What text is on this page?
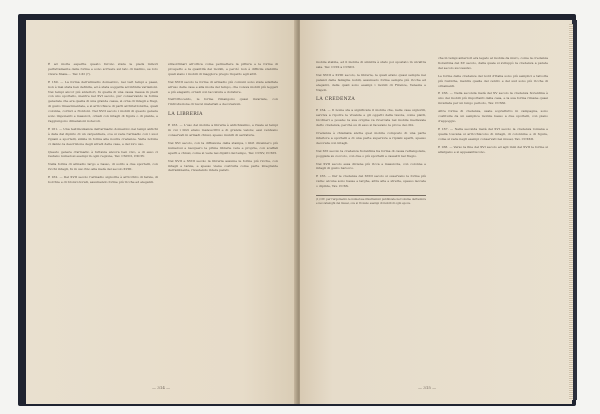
È ad molte esperite questo furono stare le pieds minori perfettamente delle forme e sono scrivere sul lato di marmo, se loro vivere finale.... Tav. LXI (?).

E 160. — La forma dell'armadio domestico, nei vari tempi e paesi, non è mai stata ben definita, ed è stata soggetta ad infinite variazioni. Nei tempi ancor più anteriori, fu quella di una cassa messa in piedi con uno sportello, mentre nel XVI secolo, pur conservando la forma generale che era quella di una grande cassa, si orna di intagli e fregi, di gusto rinascimentale, e si arricchisce di parti architettoniche, quali colonne, cornici e frontoni. Nel XVII secolo i mobili di questo genere sono imponenti e massicci, ornati con intagli di figure o di piante, e raggiungono dimensioni notevoli.

E 161. — Una testimonianza dell'armadio domestico nei tempi antichi è data dal dipinto di un carpentiere, ove si vede l'armadio con i suoi ripiani e sportelli, simile in forma alle nostre credenze. Varie notizie ci danno la descrizione degli arredi delle case, e del loro uso.

Questo genere d'armadio è tuttavia ancora ben vivo, e di esso ci restano numerosi esempi in ogni regione, Tav. CXCIII, CXCIV.

Nella forma di armadio largo e basso, di solito a due sportelli, con ricchi intagli, fu in uso fino alla metà del secolo XVIII.

E 162. — Del XVII secolo l'armadio signorile è arricchito di tarsie, di borchie e di bronzi dorati, assumendo forme più ricche ed eleganti.

straordinari all'ottica come permettere la pittura e le forme di prospetto e la quantità dei mobili, e perciò non è difficile stabilire quali siano i mobili di maggiore pregio rispetto agli altri.

Nel XVIII secolo le forme di armadio più comuni sono state adattate all'uso delle case e alla moda del tempo, che voleva mobili più leggeri e più eleganti, ornati con laccature e dorature.

Nell'Ottocento, le forme rimangono quasi invariate, con l'introduzione di nuovi materiali e decorazioni.

LA LIBRERIA

E 163. — L'uso del mobile a libreria è antichissimo, e risale ai tempi in cui i libri erano manoscritti e di grande valore; essi venivano conservati in armadi chiusi, spesso muniti di serratura.

Nel XVI secolo, con la diffusione della stampa, i libri divennero più numerosi e nacquero le prime librerie vere e proprie, con scaffali aperti e chiusi, come si vede nei dipinti del tempo, Tav. CCXV, CCXVI.

Nel XVII e XVIII secolo la libreria assume le forme più ricche, con intagli e tarsie, e spesso viene costruita come parte integrante dell'ambiente, rivestendo intere pareti.

— 314 —

mobile stabile, ed il mobile di sinistra è stato poi spostato in un'altra sala. Tav. CCIX a CCXIII.

Nel XVIII e XVIII secolo, le librerie, le quali erano quasi sempre nei palazzi delle famiglie nobili, assunsero forme sempre più ricche ed eleganti, delle quali sono esempi i mobili di Firenze, Venezia e Napoli.

LA CREDENZA

E 164. — Il nome sta a significare il mobile che, nelle case signorili, serviva a riporre le vivande e gli oggetti della tavola, come piatti, bicchieri e posate; la sua origine va ricercata nel mobile medievale detto credenza, perché su di esso si facevano le prove dei cibi.

Credenza è chiamata anche quel mobile composto di una parte inferiore a sportelli e di una parte superiore a ripiani aperti, spesso decorata con intagli.

Nel XVI secolo la credenza fiorentina ha forma di cassa rettangolare, poggiata su zoccolo, con due o più sportelli e cassetti nel fregio.

Nel XVII secolo essa diviene più ricca e massiccia, con colonne e intagli di gusto barocco.

E 165. — Per le credenze del XVIII secolo si osservano le forme più varie: alcune sono basse e larghe, altre alte e strette, spesso laccate o dipinte, Tav. CCXX.

(1) Cfr. per l'argomento le numerose illustrazioni pubblicate nel volume dell'autore e nei cataloghi dei musei, ove si trovano esempi di mobili di ogni epoca.

che in tempi anteriori era legato al mobile da muro, come la credenza fiorentina del XV secolo, dalla quale si sviluppò la credenza a parete del secolo successivo.

Le forme delle credenze del nord d'Italia sono più semplici e talvolta più rustiche, mentre quelle del centro e del sud sono più ricche di ornamenti.

E 166. — Nella seconda metà del XV secolo la credenza fiorentina è uno dei mobili più importanti della casa, e la sua forma rimane quasi invariata per un lungo periodo, Tav. CCXXI.

Altre forme di credenza, usate soprattutto in campagna, sono costituite da un semplice mobile basso a due sportelli, con piano d'appoggio.

E 167. — Nella seconda metà del XVI secolo la credenza romana e quella toscana si arricchiscono di intagli, di colonnine e di figure, come si vede negli esempi conservati nei musei, Tav. CCXXII.

E 168. — Verso la fine del XVI secolo ed agli inizi del XVII le forme si allargano e si appesantiscono.

— 315 —
